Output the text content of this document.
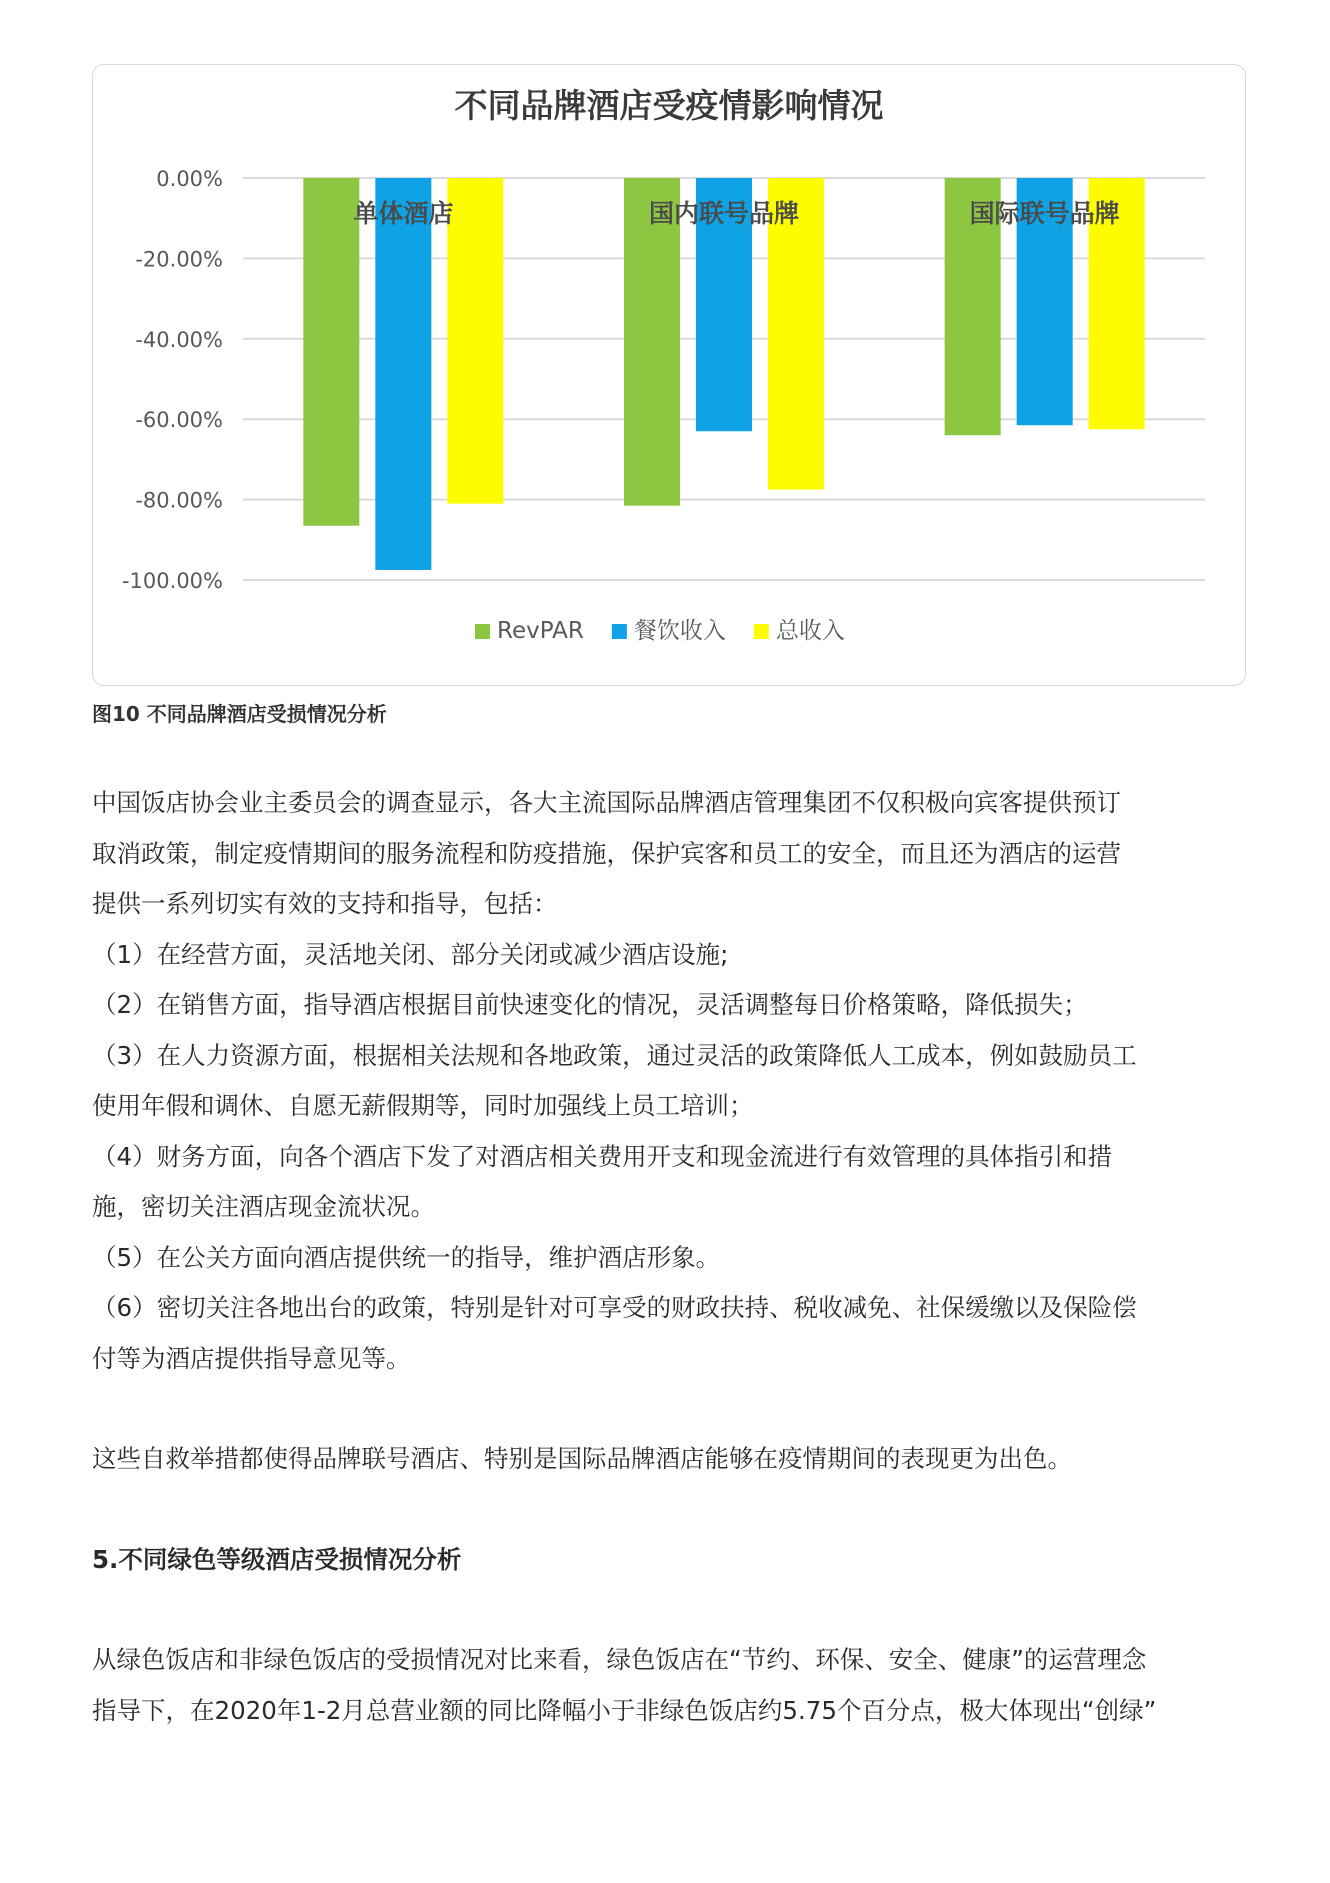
不同品牌酒店受疫情影响情况
0.00%
-20.00%
-40.00%
-60.00%
-80.00%
-100.00%
单体酒店	国内联号品牌	国际联号品牌
RevPAR 餐饮收入 总收入
图10 不同品牌酒店受损情况分析

中国饭店协会业主委员会的调查显示，各大主流国际品牌酒店管理集团不仅积极向宾客提供预订

取消政策，制定疫情期间的服务流程和防疫措施，保护宾客和员工的安全，而且还为酒店的运营

提供一系列切实有效的支持和指导，包括：

（1）在经营方面，灵活地关闭、部分关闭或减少酒店设施;

（2）在销售方面，指导酒店根据目前快速变化的情况，灵活调整每日价格策略，降低损失；

（3）在人力资源方面，根据相关法规和各地政策，通过灵活的政策降低人工成本，例如鼓励员工

使用年假和调休、自愿无薪假期等，同时加强线上员工培训；

（4）财务方面，向各个酒店下发了对酒店相关费用开支和现金流进行有效管理的具体指引和措

施，密切关注酒店现金流状况。

（5）在公关方面向酒店提供统一的指导，维护酒店形象。

（6）密切关注各地出台的政策，特别是针对可享受的财政扶持、税收减免、社保缓缴以及保险偿

付等为酒店提供指导意见等。

这些自救举措都使得品牌联号酒店、特别是国际品牌酒店能够在疫情期间的表现更为出色。

5.不同绿色等级酒店受损情况分析

从绿色饭店和非绿色饭店的受损情况对比来看，绿色饭店在“节约、环保、安全、健康”的运营理念

指导下，在2020年1-2月总营业额的同比降幅小于非绿色饭店约5.75个百分点，极大体现出“创绿”
